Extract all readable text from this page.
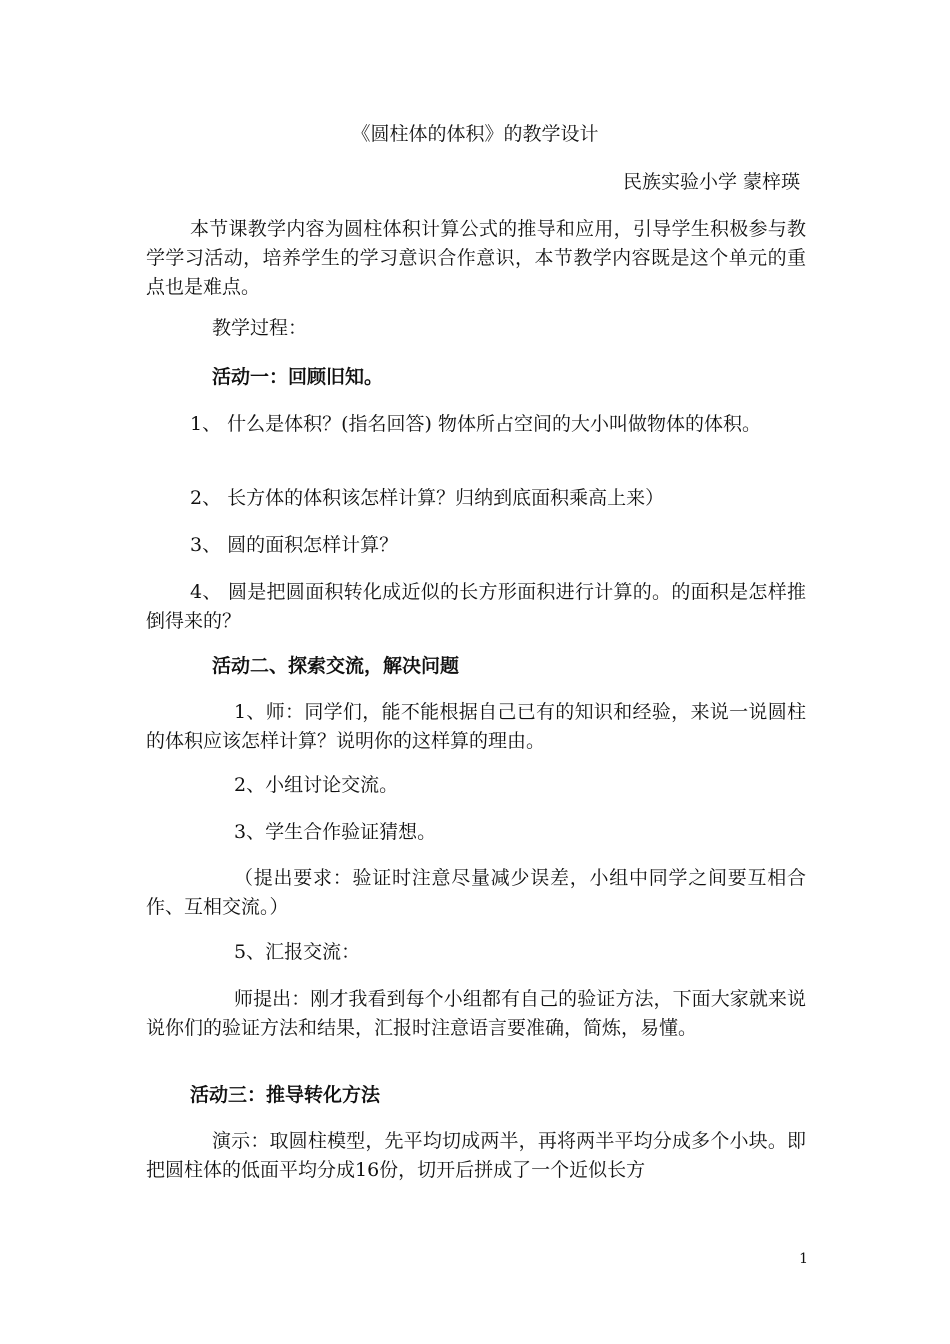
《圆柱体的体积》的教学设计

民族实验小学 蒙梓瑛

本节课教学内容为圆柱体积计算公式的推导和应用，引导学生积极参与教学学习活动，培养学生的学习意识合作意识，本节教学内容既是这个单元的重点也是难点。

教学过程：

活动一：回顾旧知。

1、 什么是体积？(指名回答) 物体所占空间的大小叫做物体的体积。

2、 长方体的体积该怎样计算？归纳到底面积乘高上来）

3、 圆的面积怎样计算？

4、 圆是把圆面积转化成近似的长方形面积进行计算的。的面积是怎样推倒得来的？

活动二、探索交流，解决问题

1、师：同学们，能不能根据自己已有的知识和经验，来说一说圆柱的体积应该怎样计算？说明你的这样算的理由。

2、小组讨论交流。

3、学生合作验证猜想。

（提出要求：验证时注意尽量减少误差，小组中同学之间要互相合作、互相交流。）

5、汇报交流：

师提出：刚才我看到每个小组都有自己的验证方法，下面大家就来说说你们的验证方法和结果，汇报时注意语言要准确，简炼，易懂。

活动三：推导转化方法

演示：取圆柱模型，先平均切成两半，再将两半平均分成多个小块。即把圆柱体的低面平均分成16份，切开后拼成了一个近似长方

1
